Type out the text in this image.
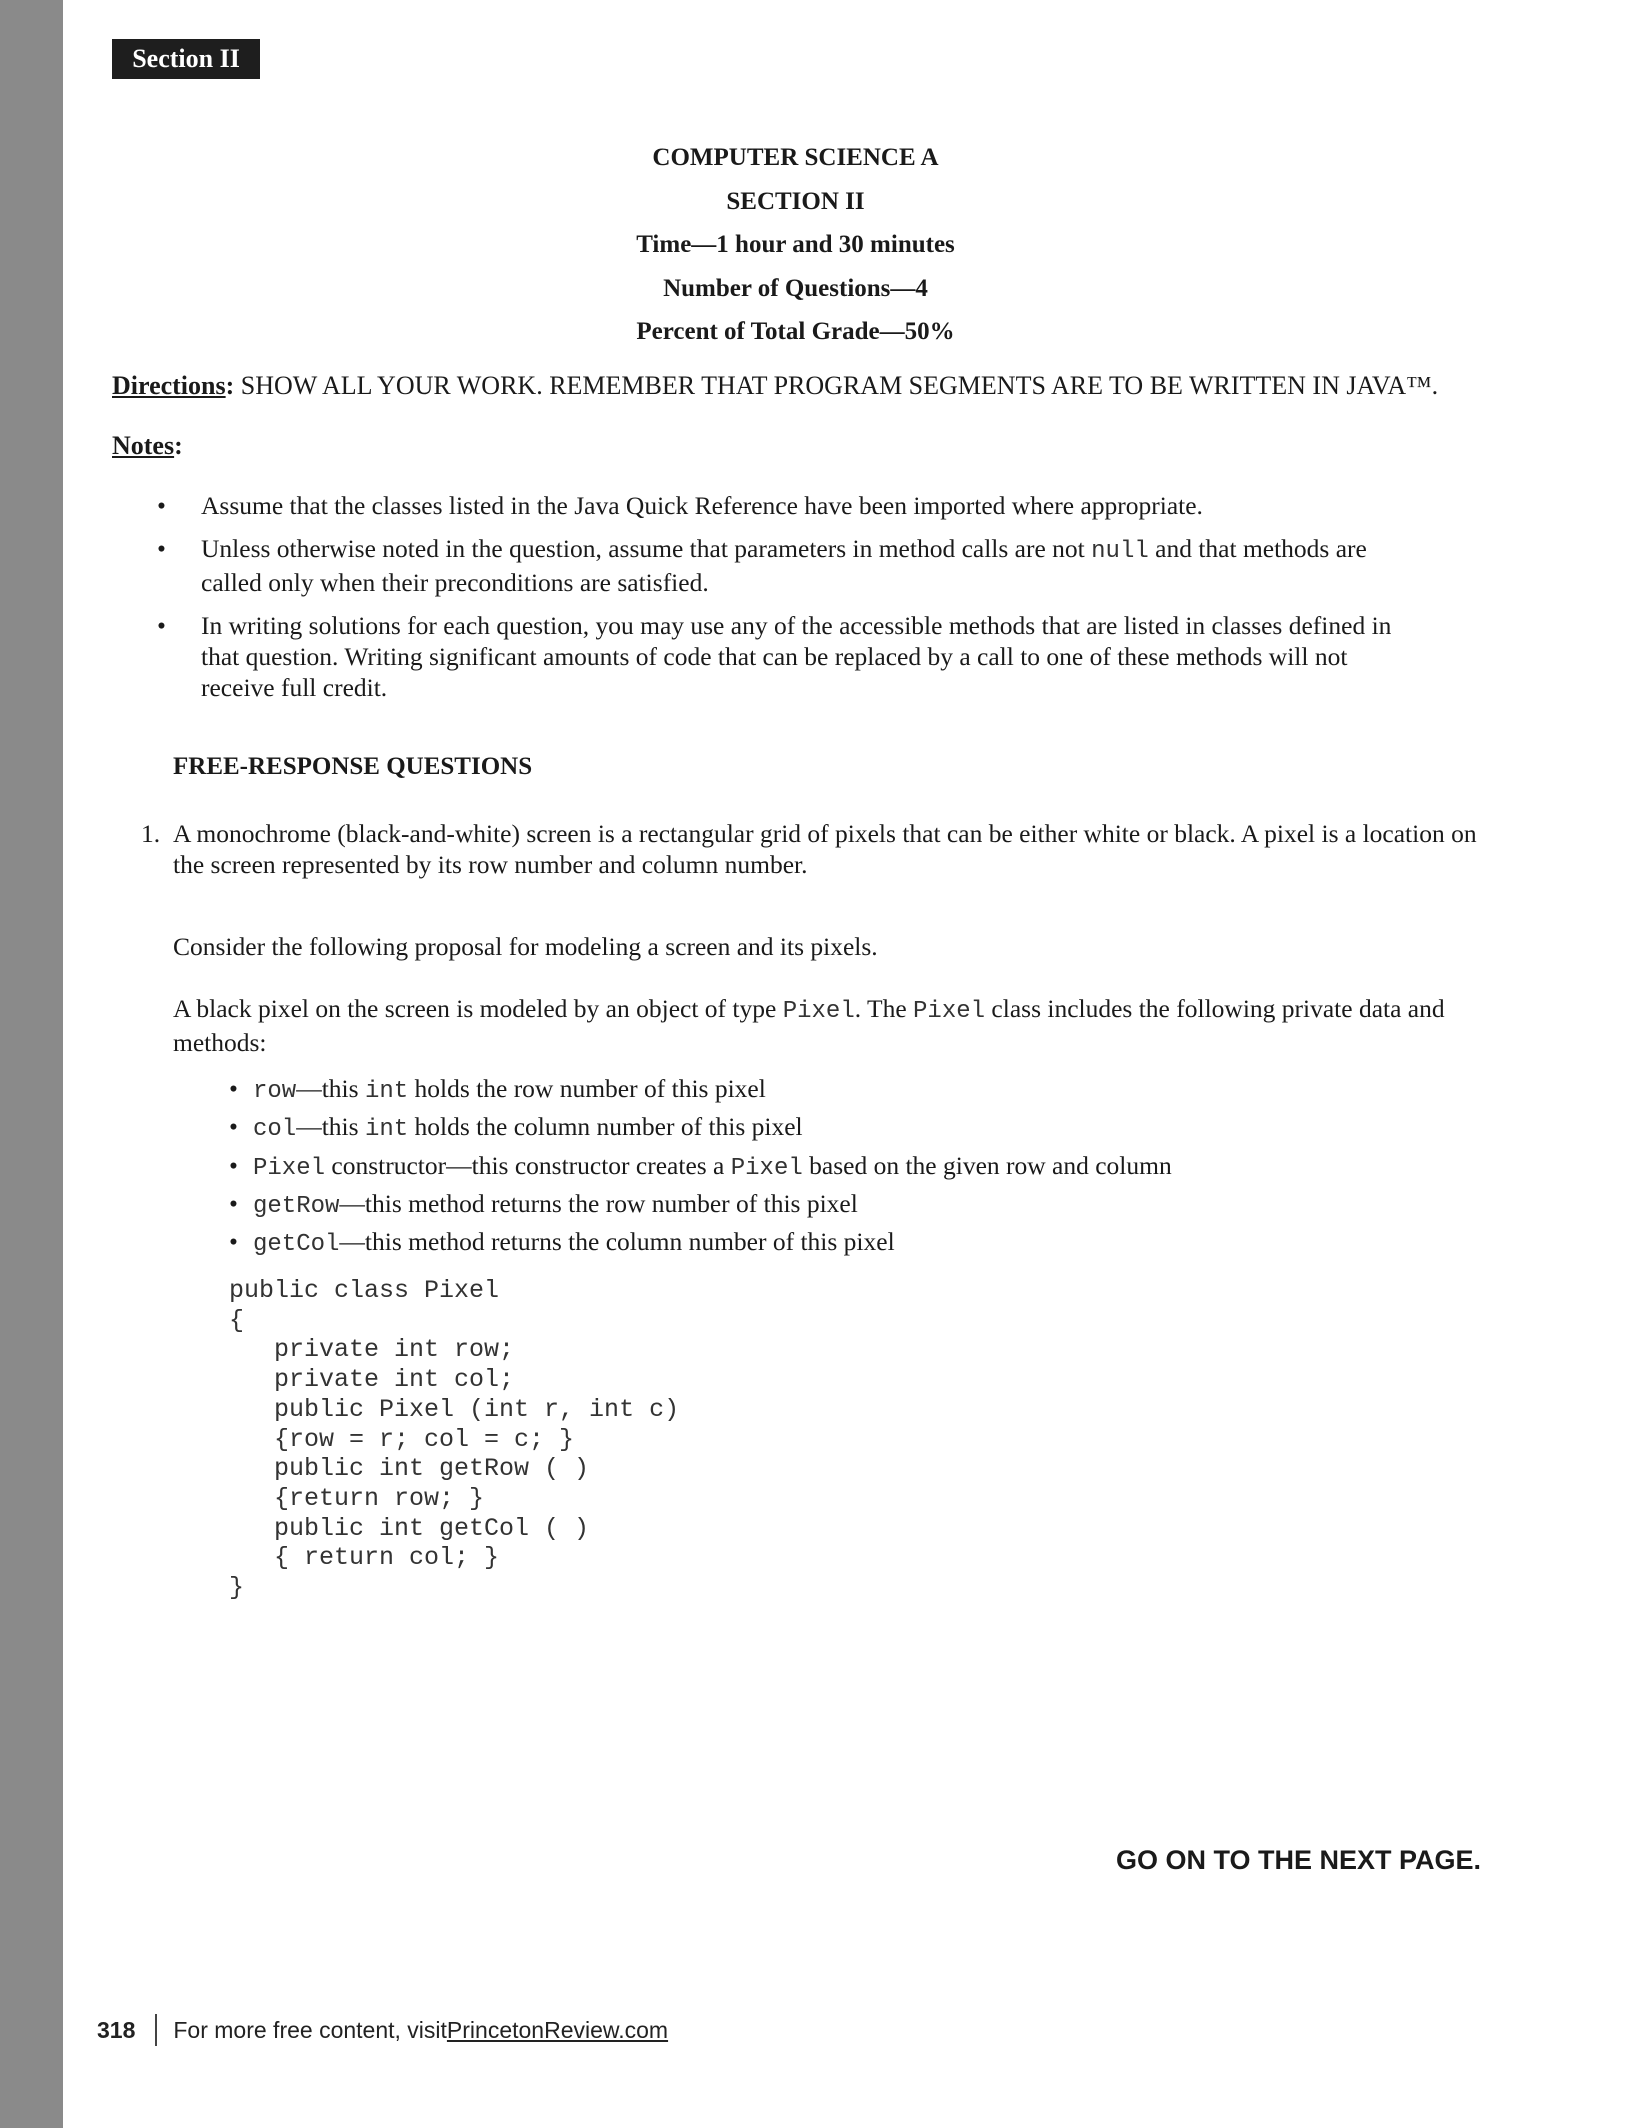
Section II
COMPUTER SCIENCE A
SECTION II
Time—1 hour and 30 minutes
Number of Questions—4
Percent of Total Grade—50%
Directions: SHOW ALL YOUR WORK. REMEMBER THAT PROGRAM SEGMENTS ARE TO BE WRITTEN IN JAVA™.
Notes:
• Assume that the classes listed in the Java Quick Reference have been imported where appropriate.
• Unless otherwise noted in the question, assume that parameters in method calls are not null and that methods are called only when their preconditions are satisfied.
• In writing solutions for each question, you may use any of the accessible methods that are listed in classes defined in that question. Writing significant amounts of code that can be replaced by a call to one of these methods will not receive full credit.
FREE-RESPONSE QUESTIONS
1. A monochrome (black-and-white) screen is a rectangular grid of pixels that can be either white or black. A pixel is a location on the screen represented by its row number and column number.
Consider the following proposal for modeling a screen and its pixels.
A black pixel on the screen is modeled by an object of type Pixel. The Pixel class includes the following private data and methods:
• row—this int holds the row number of this pixel
• col—this int holds the column number of this pixel
• Pixel constructor—this constructor creates a Pixel based on the given row and column
• getRow—this method returns the row number of this pixel
• getCol—this method returns the column number of this pixel
public class Pixel
{
private int row;
private int col;
public Pixel (int r, int c)
{row = r; col = c; }
public int getRow ( )
{return row; }
public int getCol ( )
{ return col; }
}
GO ON TO THE NEXT PAGE.
318 For more free content, visit PrincetonReview.com
